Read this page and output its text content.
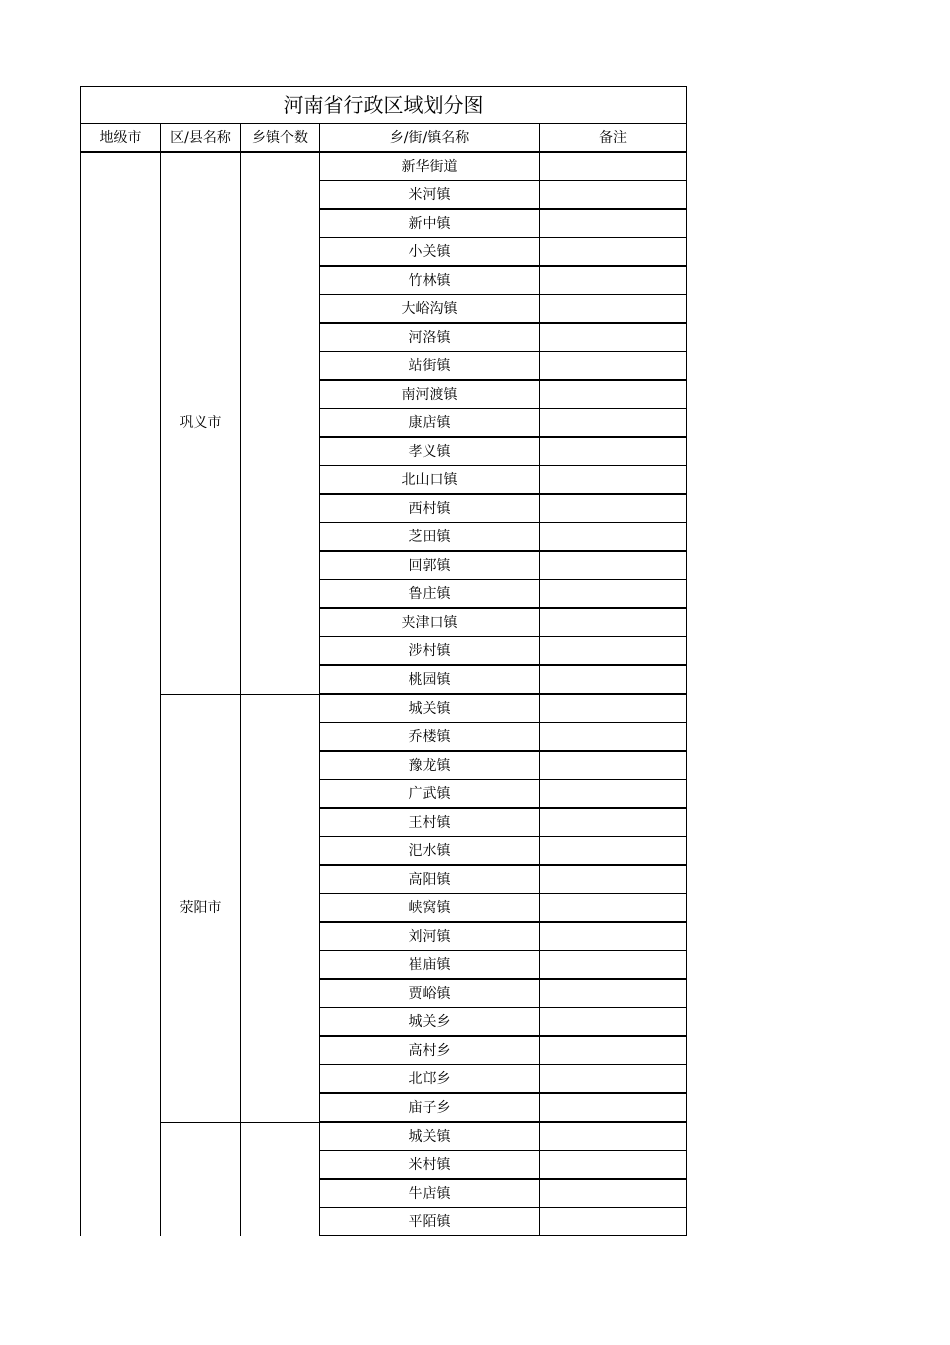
河南省行政区域划分图				
地级市	区/县名称	乡镇个数	乡/街/镇名称	备注
	巩义市		新华街道	
			米河镇	
			新中镇	
			小关镇	
			竹林镇	
			大峪沟镇	
			河洛镇	
			站街镇	
			南河渡镇	
			康店镇	
			孝义镇	
			北山口镇	
			西村镇	
			芝田镇	
			回郭镇	
			鲁庄镇	
			夹津口镇	
			涉村镇	
			桃园镇	
	荥阳市		城关镇	
			乔楼镇	
			豫龙镇	
			广武镇	
			王村镇	
			汜水镇	
			高阳镇	
			峡窝镇	
			刘河镇	
			崔庙镇	
			贾峪镇	
			城关乡	
			高村乡	
			北邙乡	
			庙子乡	
			城关镇	
			米村镇	
			牛店镇	
			平陌镇	
